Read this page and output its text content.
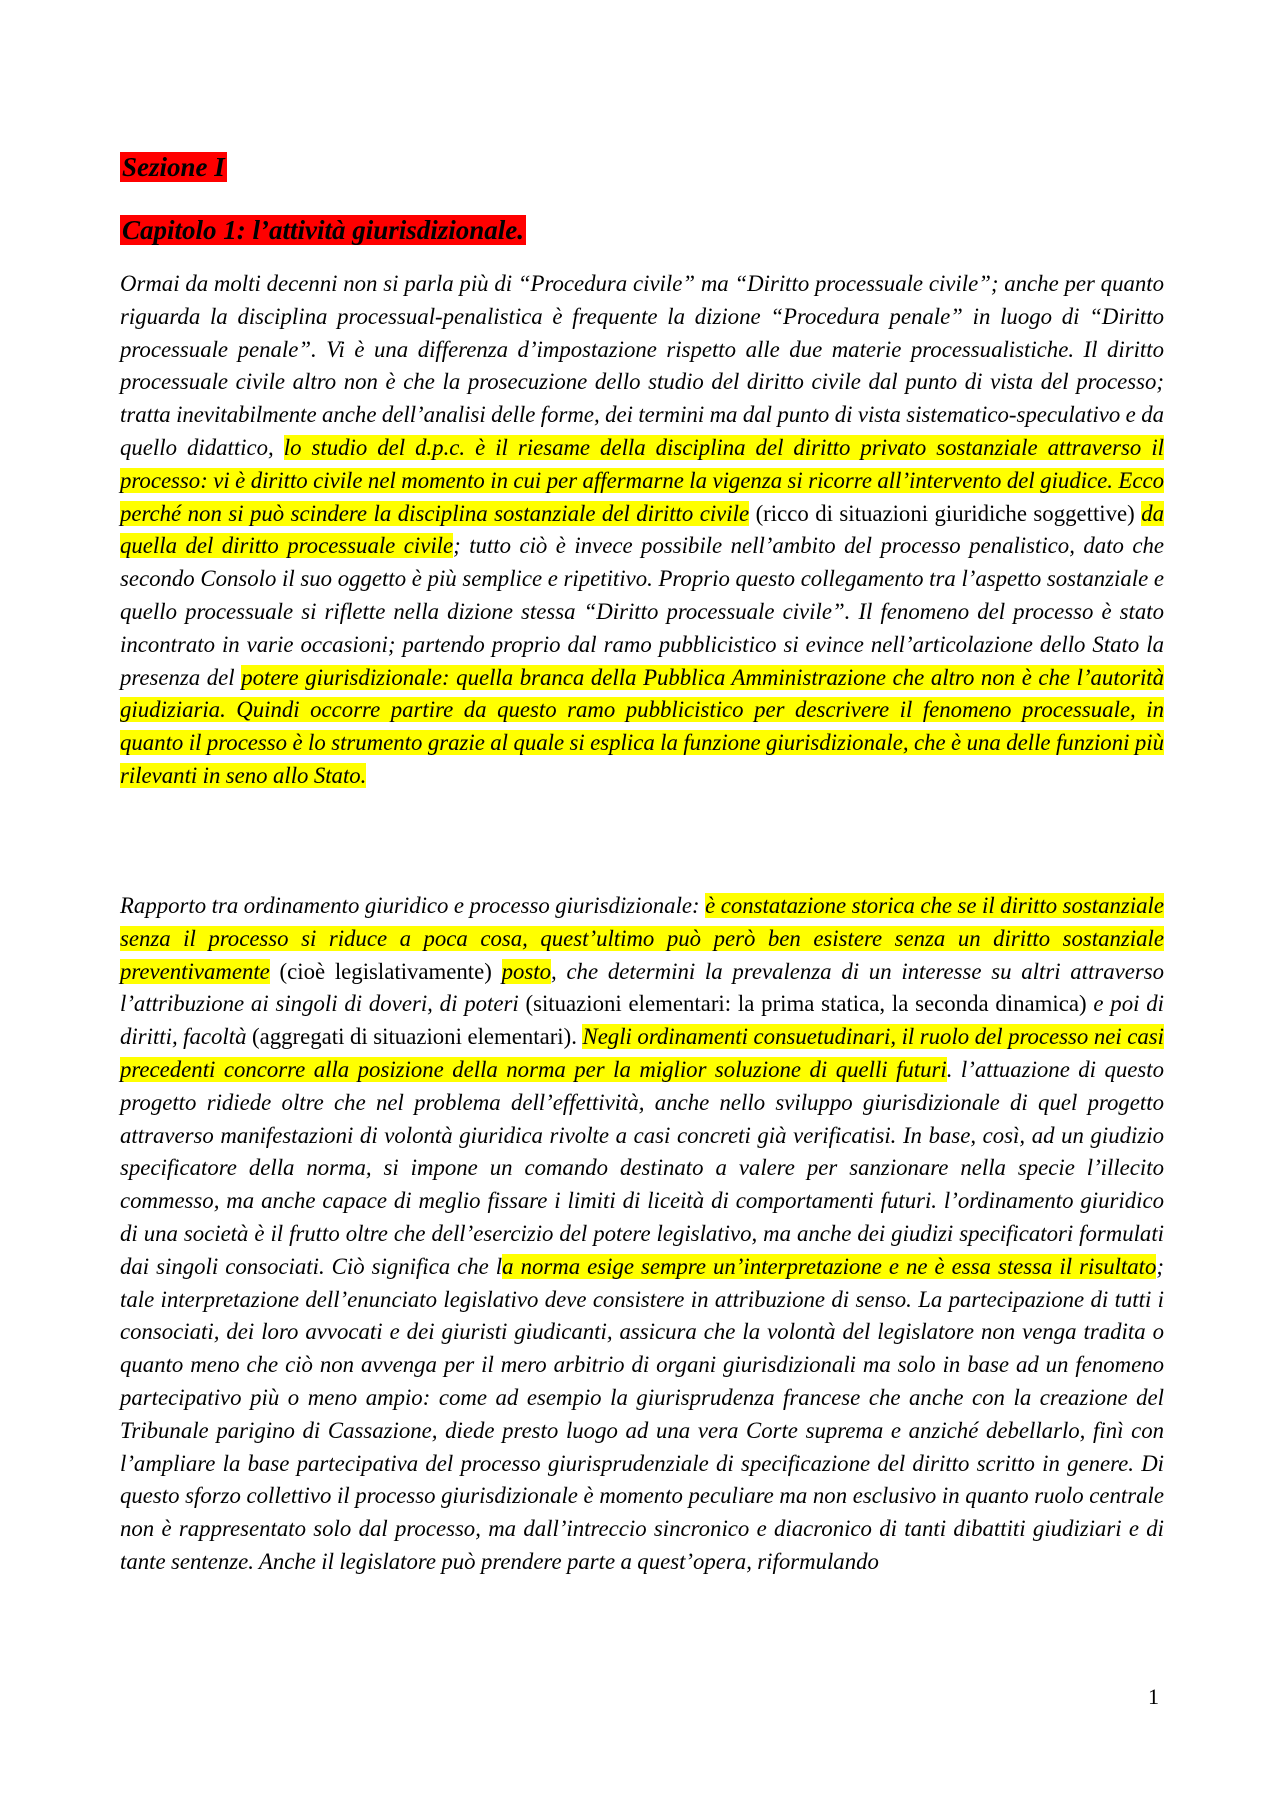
Sezione I
Capitolo 1: l’attività giurisdizionale.

Ormai da molti decenni non si parla più di “Procedura civile” ma “Diritto processuale civile”; anche per quanto riguarda la disciplina processual-penalistica è frequente la dizione “Procedura penale” in luogo di “Diritto processuale penale”. Vi è una differenza d’impostazione rispetto alle due materie processualistiche. Il diritto processuale civile altro non è che la prosecuzione dello studio del diritto civile dal punto di vista del processo; tratta inevitabilmente anche dell’analisi delle forme, dei termini ma dal punto di vista sistematico-speculativo e da quello didattico, lo studio del d.p.c. è il riesame della disciplina del diritto privato sostanziale attraverso il processo: vi è diritto civile nel momento in cui per affermarne la vigenza si ricorre all’intervento del giudice. Ecco perché non si può scindere la disciplina sostanziale del diritto civile (ricco di situazioni giuridiche soggettive) da quella del diritto processuale civile; tutto ciò è invece possibile nell’ambito del processo penalistico, dato che secondo Consolo il suo oggetto è più semplice e ripetitivo. Proprio questo collegamento tra l’aspetto sostanziale e quello processuale si riflette nella dizione stessa “Diritto processuale civile”. Il fenomeno del processo è stato incontrato in varie occasioni; partendo proprio dal ramo pubblicistico si evince nell’articolazione dello Stato la presenza del potere giurisdizionale: quella branca della Pubblica Amministrazione che altro non è che l’autorità giudiziaria. Quindi occorre partire da questo ramo pubblicistico per descrivere il fenomeno processuale, in quanto il processo è lo strumento grazie al quale si esplica la funzione giurisdizionale, che è una delle funzioni più rilevanti in seno allo Stato.

Rapporto tra ordinamento giuridico e processo giurisdizionale: è constatazione storica che se il diritto sostanziale senza il processo si riduce a poca cosa, quest’ultimo può però ben esistere senza un diritto sostanziale preventivamente (cioè legislativamente) posto, che determini la prevalenza di un interesse su altri attraverso l’attribuzione ai singoli di doveri, di poteri (situazioni elementari: la prima statica, la seconda dinamica) e poi di diritti, facoltà (aggregati di situazioni elementari). Negli ordinamenti consuetudinari, il ruolo del processo nei casi precedenti concorre alla posizione della norma per la miglior soluzione di quelli futuri. l’attuazione di questo progetto ridiede oltre che nel problema dell’effettività, anche nello sviluppo giurisdizionale di quel progetto attraverso manifestazioni di volontà giuridica rivolte a casi concreti già verificatisi. In base, così, ad un giudizio specificatore della norma, si impone un comando destinato a valere per sanzionare nella specie l’illecito commesso, ma anche capace di meglio fissare i limiti di liceità di comportamenti futuri. l’ordinamento giuridico di una società è il frutto oltre che dell’esercizio del potere legislativo, ma anche dei giudizi specificatori formulati dai singoli consociati. Ciò significa che la norma esige sempre un’interpretazione e ne è essa stessa il risultato; tale interpretazione dell’enunciato legislativo deve consistere in attribuzione di senso. La partecipazione di tutti i consociati, dei loro avvocati e dei giuristi giudicanti, assicura che la volontà del legislatore non venga tradita o quanto meno che ciò non avvenga per il mero arbitrio di organi giurisdizionali ma solo in base ad un fenomeno partecipativo più o meno ampio: come ad esempio la giurisprudenza francese che anche con la creazione del Tribunale parigino di Cassazione, diede presto luogo ad una vera Corte suprema e anziché debellarlo, finì con l’ampliare la base partecipativa del processo giurisprudenziale di specificazione del diritto scritto in genere. Di questo sforzo collettivo il processo giurisdizionale è momento peculiare ma non esclusivo in quanto ruolo centrale non è rappresentato solo dal processo, ma dall’intreccio sincronico e diacronico di tanti dibattiti giudiziari e di tante sentenze. Anche il legislatore può prendere parte a quest’opera, riformulando

1
